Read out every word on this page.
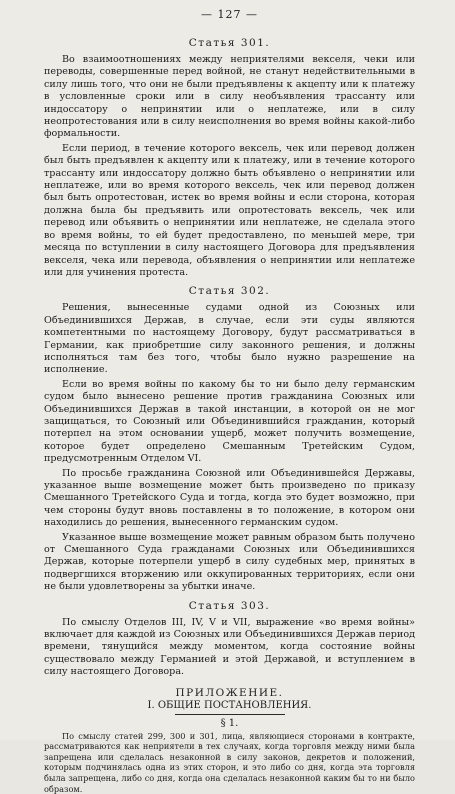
— 127 —
Статья 301.

Во взаимоотношениях между неприятелями векселя, чеки или переводы, совершенные перед войной, не станут недействительными в силу лишь того, что они не были предъявлены к акцепту или к платежу в условленные сроки или в силу необъявления трассанту или индоссатору о непринятии или о неплатеже, или в силу неопротестования или в силу неисполнения во время войны какой-либо формальности.

Если период, в течение которого вексель, чек или перевод должен был быть предъявлен к акцепту или к платежу, или в течение которого трассанту или индоссатору должно быть объявлено о непринятии или неплатеже, или во время которого вексель, чек или перевод должен был быть опротестован, истек во время войны и если сторона, которая должна была бы предъявить или опротестовать вексель, чек или перевод или объявить о непринятии или неплатеже, не сделала этого во время войны, то ей будет предоставлено, по меньшей мере, три месяца по вступлении в силу настоящего Договора для предъявления векселя, чека или перевода, объявления о непринятии или неплатеже или для учинения протеста.

Статья 302.

Решения, вынесенные судами одной из Союзных или Объединившихся Держав, в случае, если эти суды являются компетентными по настоящему Договору, будут рассматриваться в Германии, как приобретшие силу законного решения, и должны исполняться там без того, чтобы было нужно разрешение на исполнение.

Если во время войны по какому бы то ни было делу германским судом было вынесено решение против гражданина Союзных или Объединившихся Держав в такой инстанции, в которой он не мог защищаться, то Союзный или Объединившийся гражданин, который потерпел на этом основании ущерб, может получить возмещение, которое будет определено Смешанным Третейским Судом, предусмотренным Отделом VI.

По просьбе гражданина Союзной или Объединившейся Державы, указанное выше возмещение может быть произведено по приказу Смешанного Третейского Суда и тогда, когда это будет возможно, при чем стороны будут вновь поставлены в то положение, в котором они находились до решения, вынесенного германским судом.

Указанное выше возмещение может равным образом быть получено от Смешанного Суда гражданами Союзных или Объединившихся Держав, которые потерпели ущерб в силу судебных мер, принятых в подвергшихся вторжению или оккупированных территориях, если они не были удовлетворены за убытки иначе.

Статья 303.

По смыслу Отделов III, IV, V и VII, выражение «во время войны» включает для каждой из Союзных или Объединившихся Держав период времени, тянущийся между моментом, когда состояние войны существовало между Германией и этой Державой, и вступлением в силу настоящего Договора.

ПРИЛОЖЕНИЕ.
I. ОБЩИЕ ПОСТАНОВЛЕНИЯ.
§ 1.

По смыслу статей 299, 300 и 301, лица, являющиеся сторонами в контракте, рассматриваются как неприятели в тех случаях, когда торговля между ними была запрещена или сделалась незаконной в силу законов, декретов и положений, которым подчинялась одна из этих сторон, и это либо со дня, когда эта торговля была запрещена, либо со дня, когда она сделалась незаконной каким бы то ни было образом.
